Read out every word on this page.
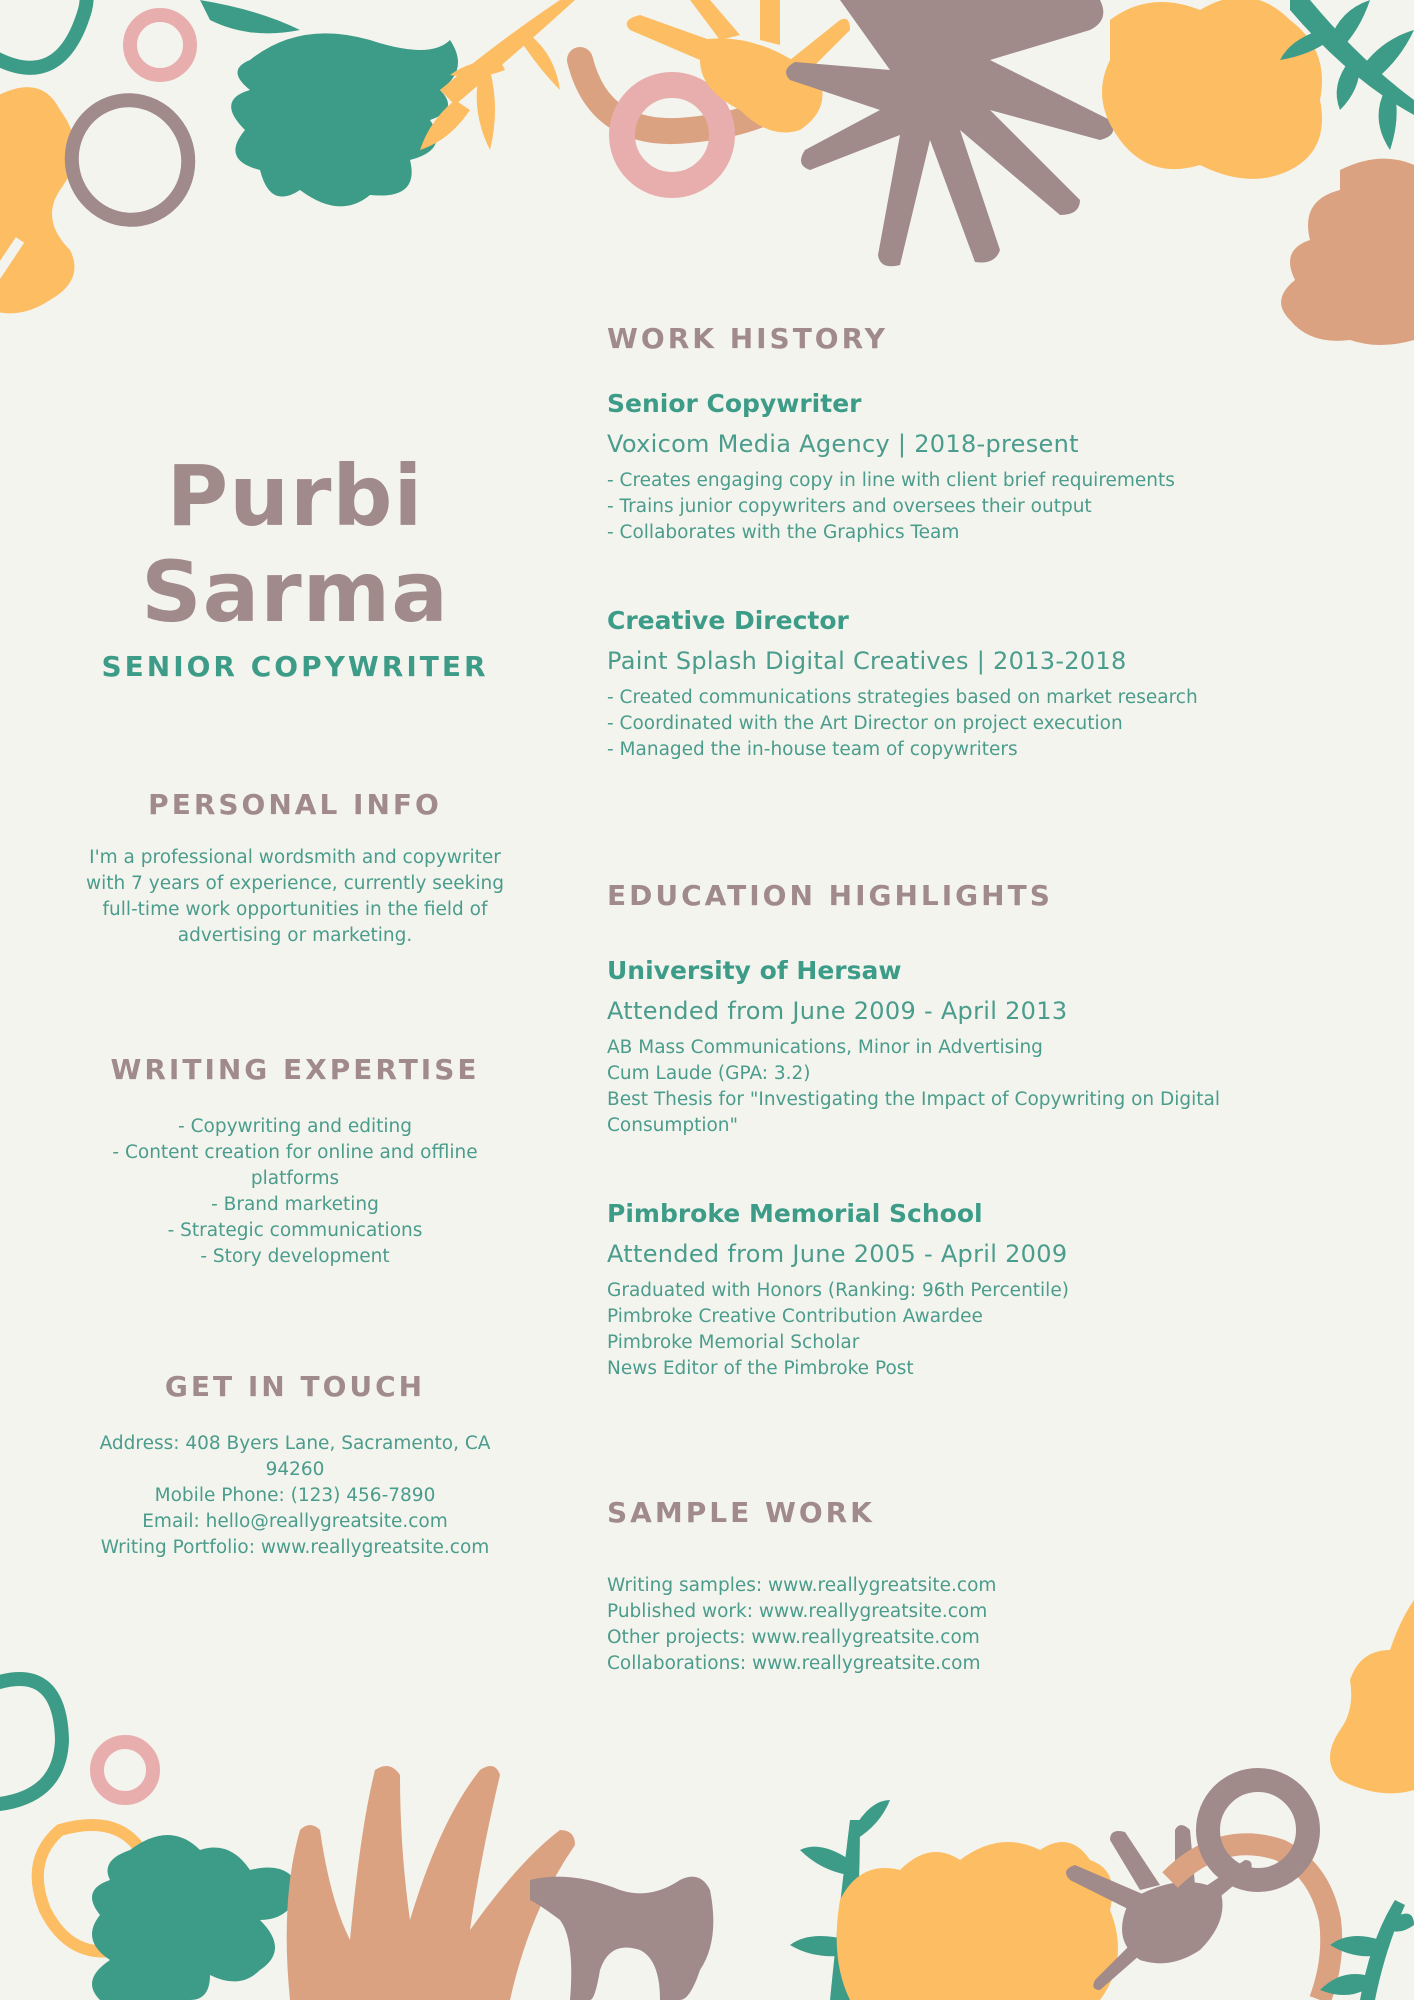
Purbi
Sarma
SENIOR COPYWRITER
PERSONAL INFO
I'm a professional wordsmith and copywriter
with 7 years of experience, currently seeking
full-time work opportunities in the field of
advertising or marketing.
WRITING EXPERTISE
- Copywriting and editing
- Content creation for online and offline
platforms
- Brand marketing
- Strategic communications
- Story development
GET IN TOUCH
Address: 408 Byers Lane, Sacramento, CA
94260
Mobile Phone: (123) 456-7890
Email: hello@reallygreatsite.com
Writing Portfolio: www.reallygreatsite.com
WORK HISTORY
Senior Copywriter
Voxicom Media Agency | 2018-present
- Creates engaging copy in line with client brief requirements
- Trains junior copywriters and oversees their output
- Collaborates with the Graphics Team
Creative Director
Paint Splash Digital Creatives | 2013-2018
- Created communications strategies based on market research
- Coordinated with the Art Director on project execution
- Managed the in-house team of copywriters
EDUCATION HIGHLIGHTS
University of Hersaw
Attended from June 2009 - April 2013
AB Mass Communications, Minor in Advertising
Cum Laude (GPA: 3.2)
Best Thesis for "Investigating the Impact of Copywriting on Digital
Consumption"
Pimbroke Memorial School
Attended from June 2005 - April 2009
Graduated with Honors (Ranking: 96th Percentile)
Pimbroke Creative Contribution Awardee
Pimbroke Memorial Scholar
News Editor of the Pimbroke Post
SAMPLE WORK
Writing samples: www.reallygreatsite.com
Published work: www.reallygreatsite.com
Other projects: www.reallygreatsite.com
Collaborations: www.reallygreatsite.com
